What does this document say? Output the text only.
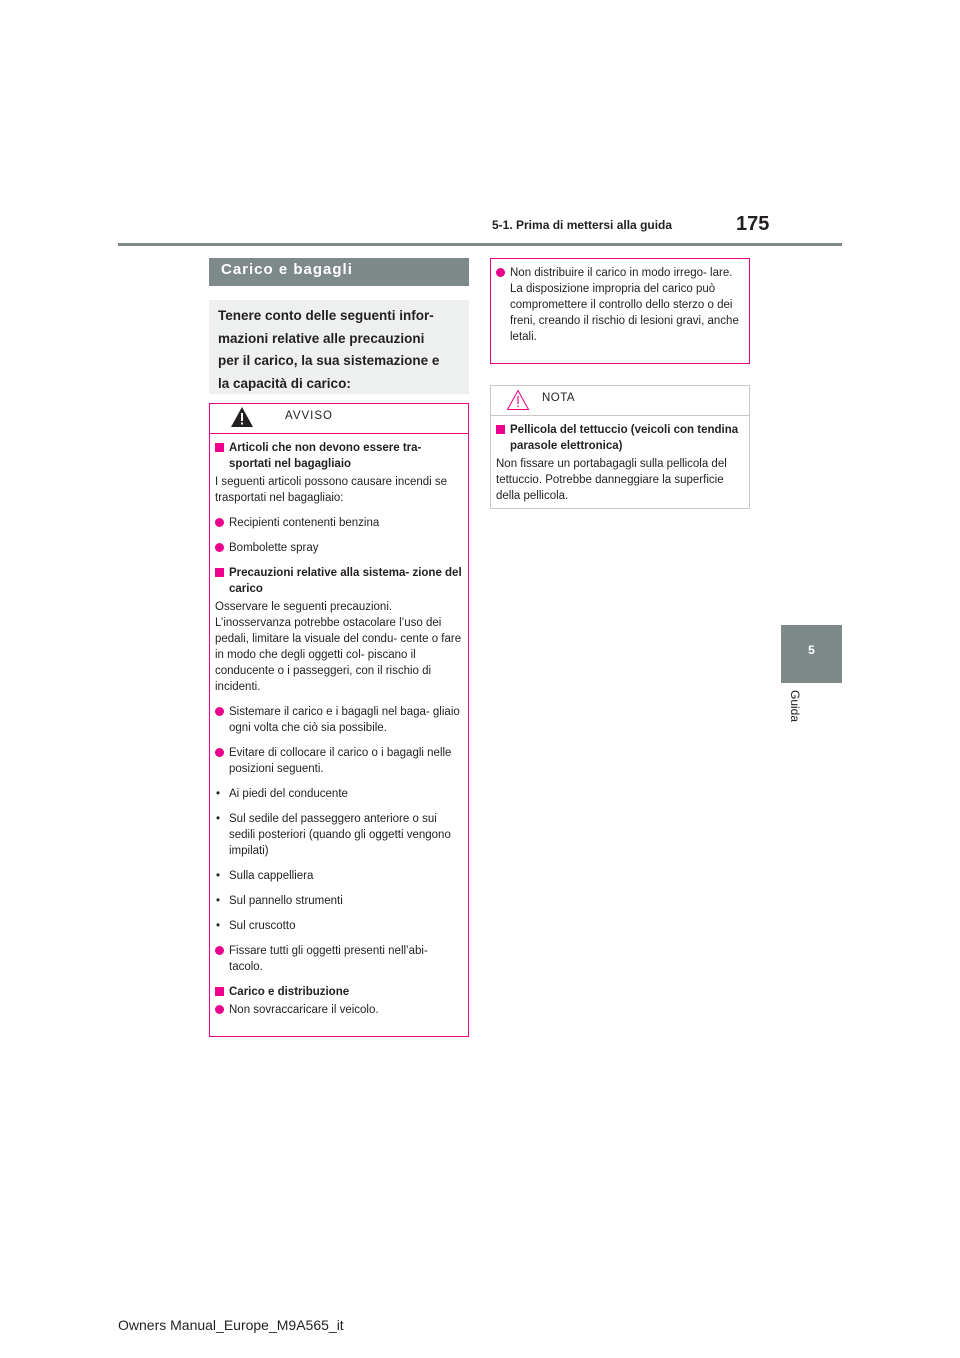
5-1. Prima di mettersi alla guida	175
5
Guida
Carico e bagagli
Tenere conto delle seguenti infor-
mazioni relative alle precauzioni
per il carico, la sua sistemazione e
la capacità di carico:
AVVISO
Articoli che non devono essere tra- sportati nel bagagliaio
I seguenti articoli possono causare incendi se trasportati nel bagagliaio:
Recipienti contenenti benzina
Bombolette spray
Precauzioni relative alla sistema- zione del carico
Osservare le seguenti precauzioni. L’inosservanza potrebbe ostacolare l’uso dei pedali, limitare la visuale del condu- cente o fare in modo che degli oggetti col- piscano il conducente o i passeggeri, con il rischio di incidenti.
Sistemare il carico e i bagagli nel baga- gliaio ogni volta che ciò sia possibile.
Evitare di collocare il carico o i bagagli nelle posizioni seguenti.
• Ai piedi del conducente
• Sul sedile del passeggero anteriore o sui sedili posteriori (quando gli oggetti vengono impilati)
• Sulla cappelliera
• Sul pannello strumenti
• Sul cruscotto
Fissare tutti gli oggetti presenti nell’abi- tacolo.
Carico e distribuzione
Non sovraccaricare il veicolo.
Non distribuire il carico in modo irrego- lare.
La disposizione impropria del carico può compromettere il controllo dello sterzo o dei freni, creando il rischio di lesioni gravi, anche letali.
NOTA
Pellicola del tettuccio (veicoli con tendina parasole elettronica)
Non fissare un portabagagli sulla pellicola del tettuccio. Potrebbe danneggiare la superficie della pellicola.
Owners Manual_Europe_M9A565_it
